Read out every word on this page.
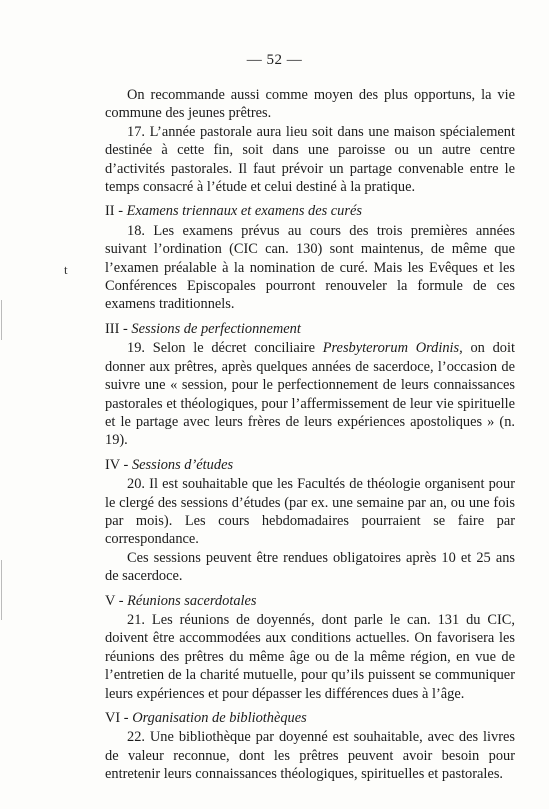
— 52 —
t

On recommande aussi comme moyen des plus opportuns, la vie commune des jeunes prêtres.

17. L’année pastorale aura lieu soit dans une maison spécialement destinée à cette fin, soit dans une paroisse ou un autre centre d’activités pastorales. Il faut prévoir un partage convenable entre le temps consacré à l’étude et celui destiné à la pratique.

II - Examens triennaux et examens des curés

18. Les examens prévus au cours des trois premières années suivant l’ordination (CIC can. 130) sont maintenus, de même que l’examen préalable à la nomination de curé. Mais les Evêques et les Conférences Episcopales pourront renouveler la formule de ces examens traditionnels.

III - Sessions de perfectionnement

19. Selon le décret conciliaire Presbyterorum Ordinis, on doit donner aux prêtres, après quelques années de sacerdoce, l’occasion de suivre une « session, pour le perfectionnement de leurs connaissances pastorales et théologiques, pour l’affermissement de leur vie spirituelle et le partage avec leurs frères de leurs expériences apostoliques » (n. 19).

IV - Sessions d’études

20. Il est souhaitable que les Facultés de théologie organisent pour le clergé des sessions d’études (par ex. une semaine par an, ou une fois par mois). Les cours hebdomadaires pourraient se faire par correspondance.

Ces sessions peuvent être rendues obligatoires après 10 et 25 ans de sacerdoce.

V - Réunions sacerdotales

21. Les réunions de doyennés, dont parle le can. 131 du CIC, doivent être accommodées aux conditions actuelles. On favorisera les réunions des prêtres du même âge ou de la même région, en vue de l’entretien de la charité mutuelle, pour qu’ils puissent se communiquer leurs expériences et pour dépasser les différences dues à l’âge.

VI - Organisation de bibliothèques

22. Une bibliothèque par doyenné est souhaitable, avec des livres de valeur reconnue, dont les prêtres peuvent avoir besoin pour entretenir leurs connaissances théologiques, spirituelles et pastorales.
